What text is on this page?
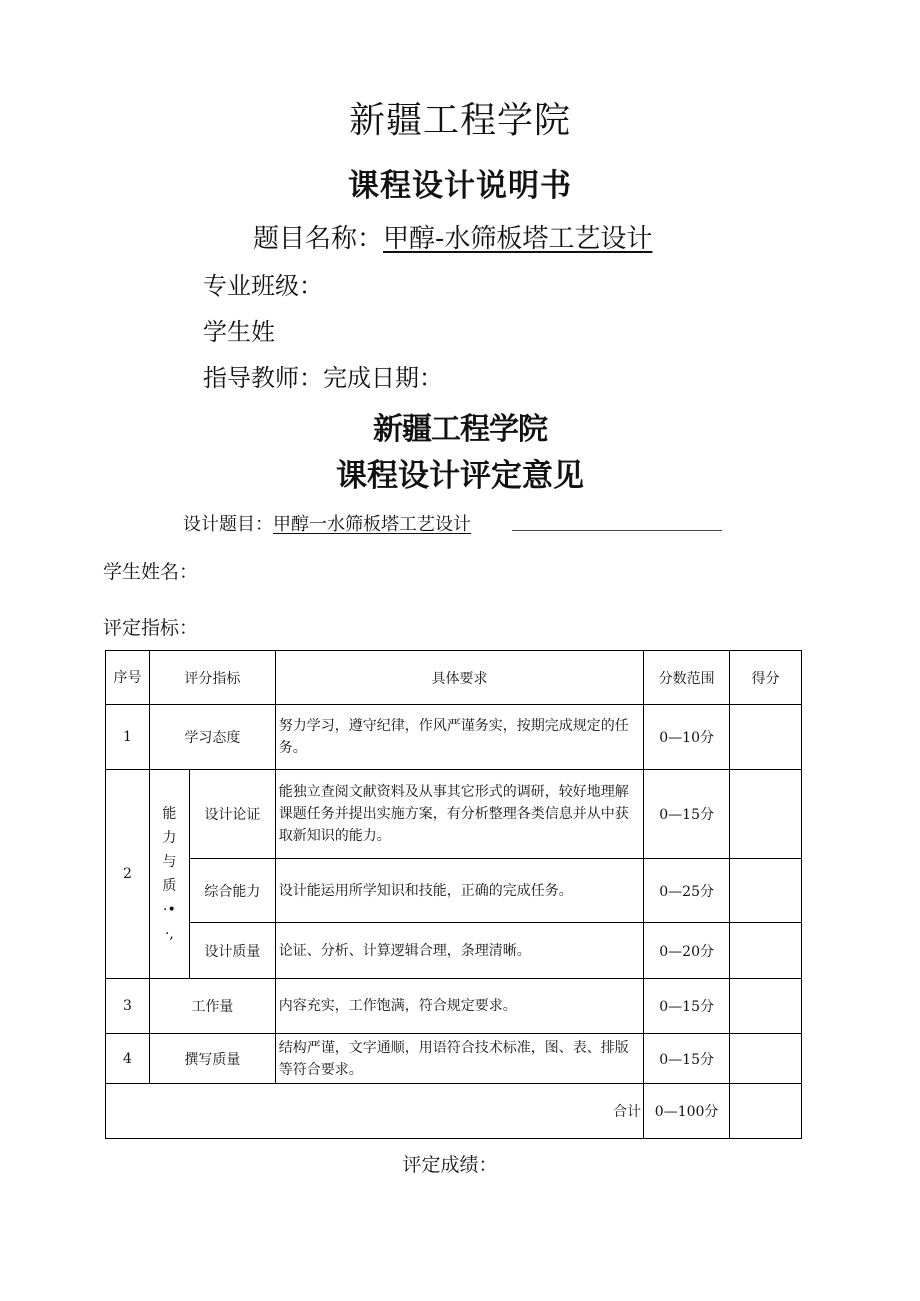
新疆工程学院
课程设计说明书
题目名称：甲醇-水筛板塔工艺设计
专业班级：
学生姓
指导教师：完成日期：
新疆工程学院
课程设计评定意见
设计题目：甲醇一水筛板塔工艺设计
学生姓名：
评定指标：
序号	评分指标		具体要求	分数范围	得分
1	学习态度		努力学习，遵守纪律，作风严谨务实，按期完成规定的任务。	0—10分	
2	能力与质·•·,	设计论证	能独立查阅文献资料及从事其它形式的调研，较好地理解课题任务并提出实施方案，有分析整理各类信息并从中获取新知识的能力。	0—15分	
		综合能力	设计能运用所学知识和技能，正确的完成任务。	0—25分	
		设计质量	论证、分析、计算逻辑合理，条理清晰。	0—20分	
3	工作量		内容充实，工作饱满，符合规定要求。	0—15分	
4	撰写质量		结构严谨，文字通顺，用语符合技术标准，图、表、排版等符合要求。	0—15分	
合计				0—100分	
评定成绩：
